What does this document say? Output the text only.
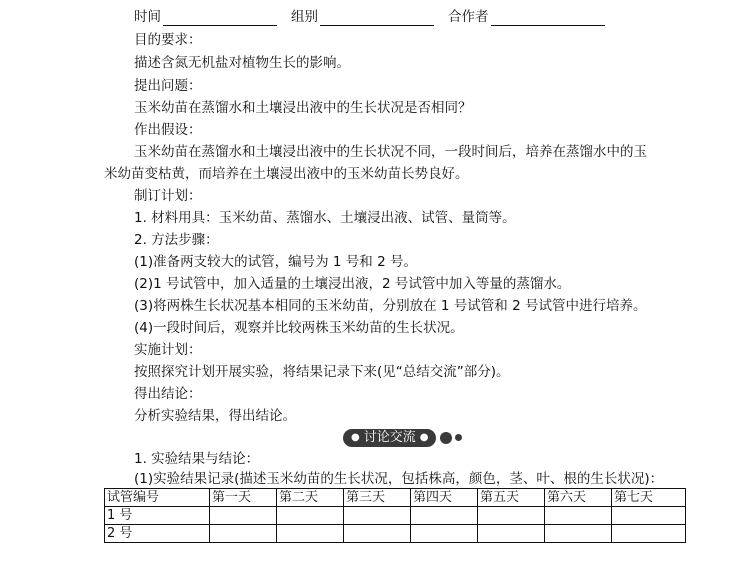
时间	组别	合作者
目的要求：
描述含氮无机盐对植物生长的影响。
提出问题：
玉米幼苗在蒸馏水和土壤浸出液中的生长状况是否相同？
作出假设：
玉米幼苗在蒸馏水和土壤浸出液中的生长状况不同，一段时间后，培养在蒸馏水中的玉
米幼苗变枯黄，而培养在土壤浸出液中的玉米幼苗长势良好。
制订计划：
1. 材料用具：玉米幼苗、蒸馏水、土壤浸出液、试管、量筒等。
2. 方法步骤：
(1)准备两支较大的试管，编号为 1 号和 2 号。
(2)1 号试管中，加入适量的土壤浸出液，2 号试管中加入等量的蒸馏水。
(3)将两株生长状况基本相同的玉米幼苗，分别放在 1 号试管和 2 号试管中进行培养。
(4)一段时间后，观察并比较两株玉米幼苗的生长状况。
实施计划：
按照探究计划开展实验，将结果记录下来(见“总结交流”部分)。
得出结论：
分析实验结果，得出结论。
● 讨论交流 ●
1. 实验结果与结论：
(1)实验结果记录(描述玉米幼苗的生长状况，包括株高，颜色，茎、叶、根的生长状况)：
试管编号	第一天	第二天	第三天	第四天	第五天	第六天	第七天
1 号							
2 号							
